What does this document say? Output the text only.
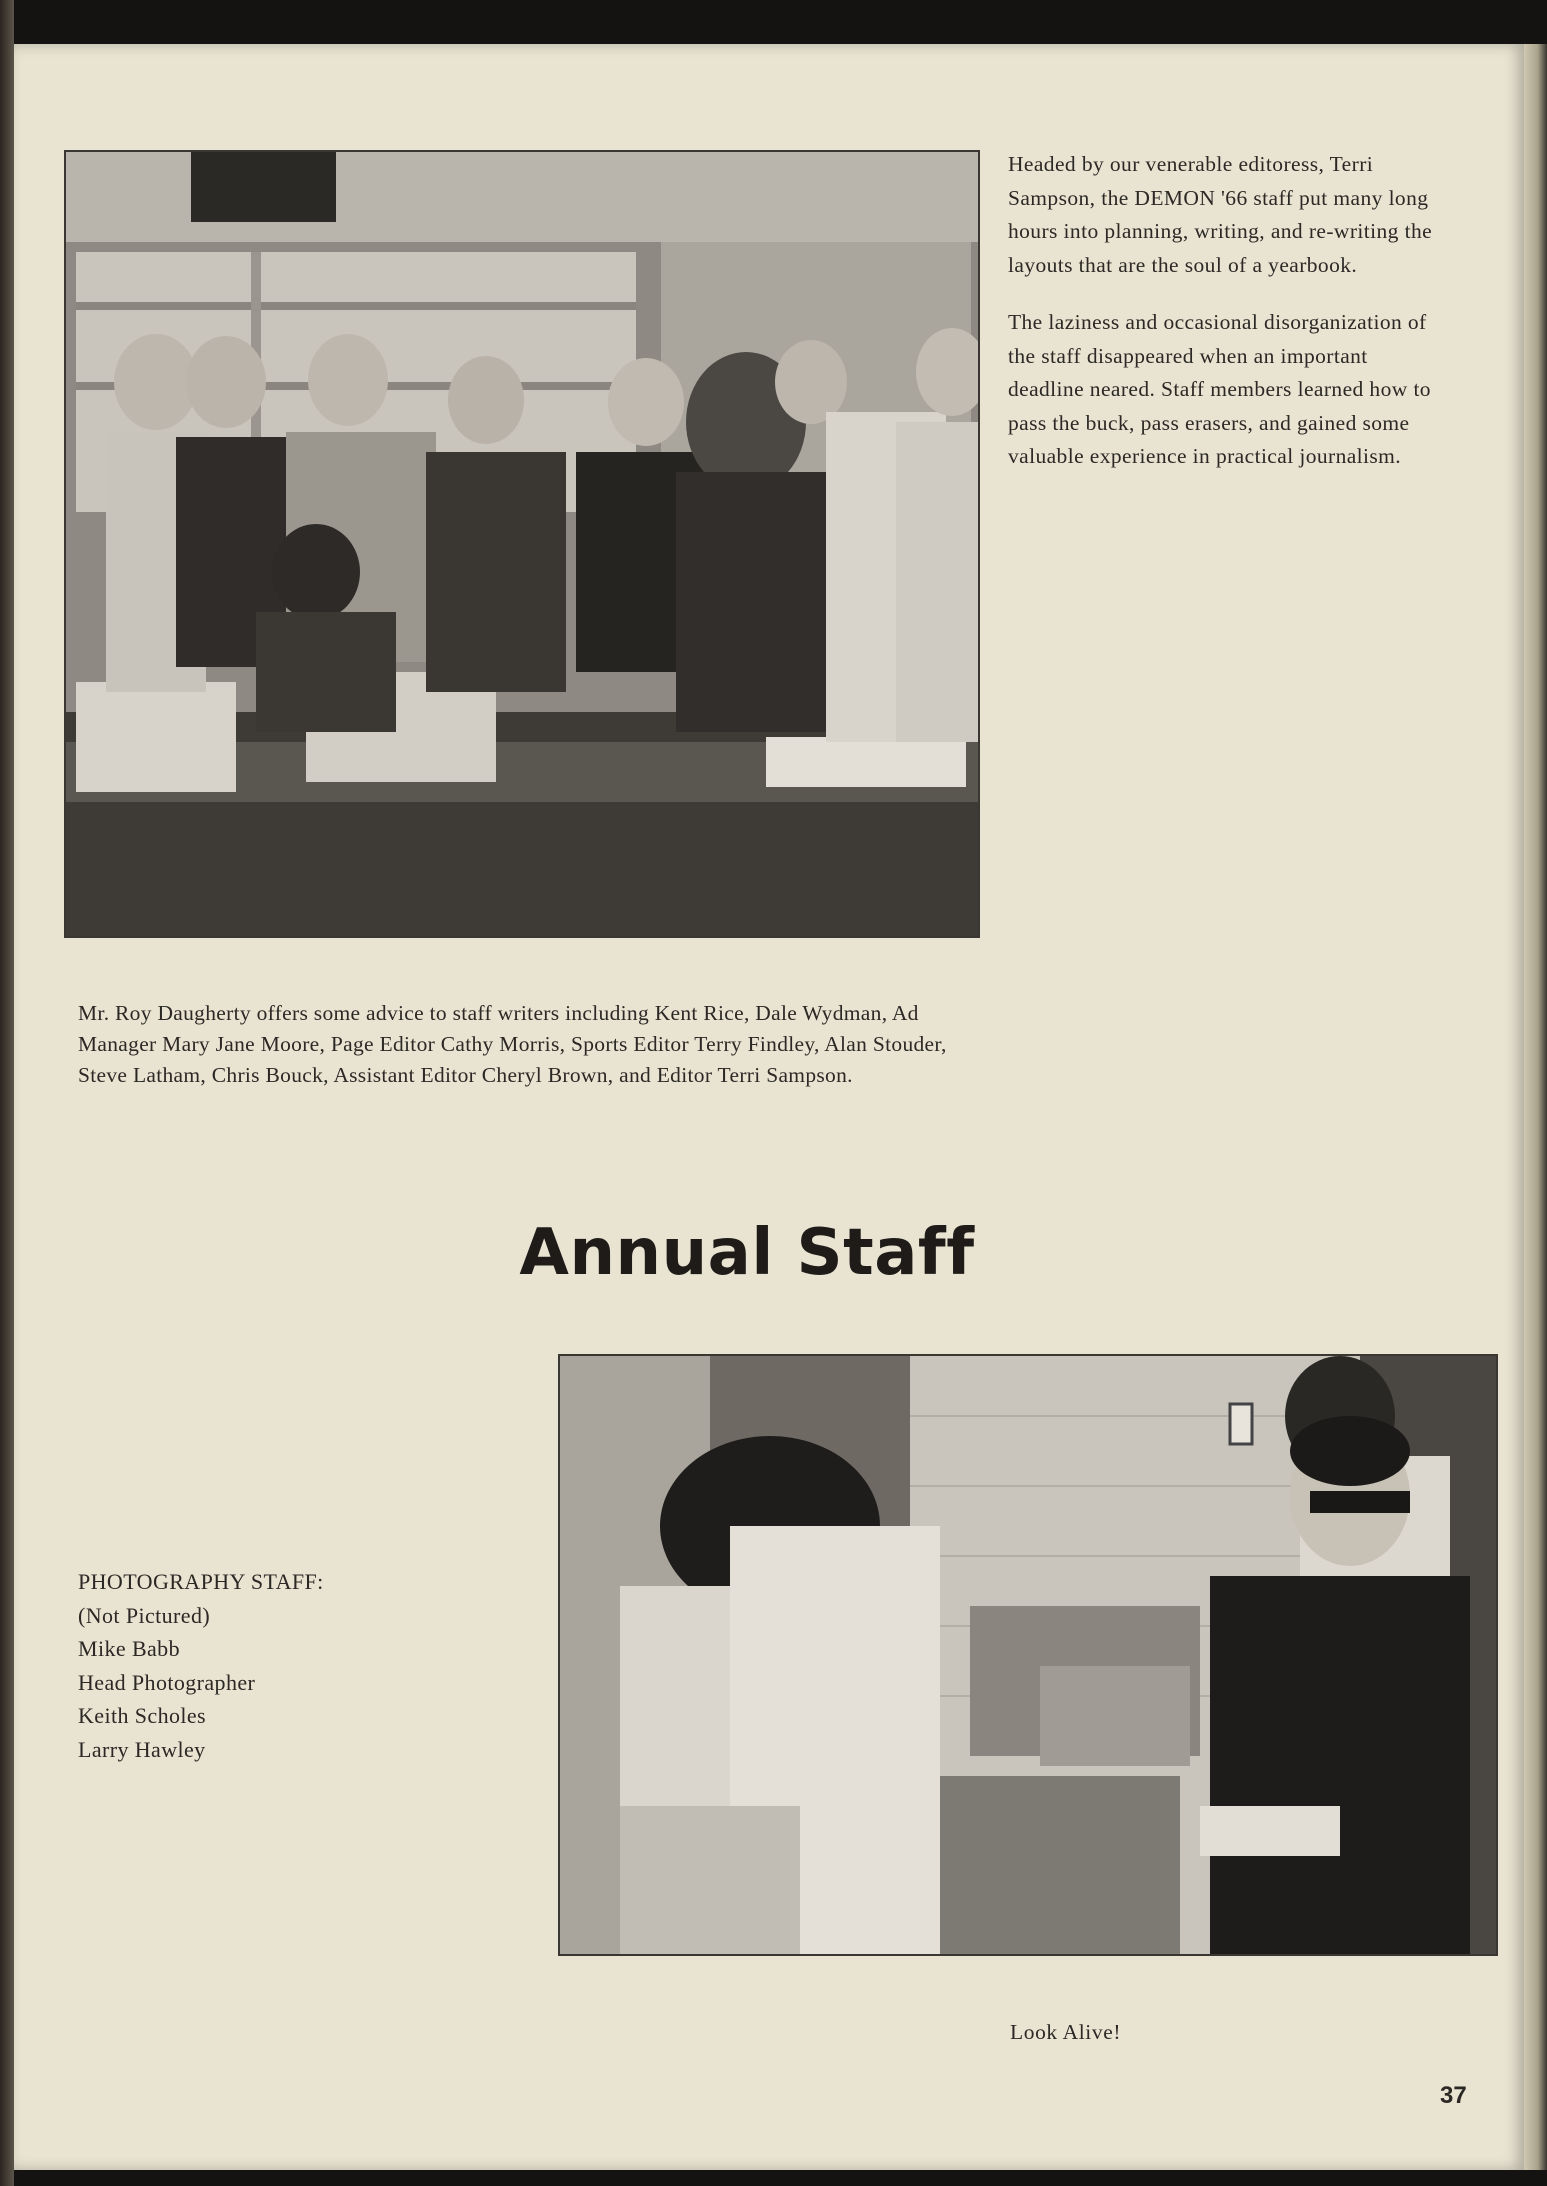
Headed by our venerable editoress, Terri Sampson, the DEMON '66 staff put many long hours into planning, writing, and re-writing the layouts that are the soul of a yearbook.

The laziness and occasional disorganization of the staff disappeared when an important deadline neared. Staff members learned how to pass the buck, pass erasers, and gained some valuable experience in practical journalism.

Mr. Roy Daugherty offers some advice to staff writers including Kent Rice, Dale Wydman, Ad Manager Mary Jane Moore, Page Editor Cathy Morris, Sports Editor Terry Findley, Alan Stouder, Steve Latham, Chris Bouck, Assistant Editor Cheryl Brown, and Editor Terri Sampson.
Annual Staff
PHOTOGRAPHY STAFF:
(Not Pictured)
Mike Babb
Head Photographer
Keith Scholes
Larry Hawley
Look Alive!
37
